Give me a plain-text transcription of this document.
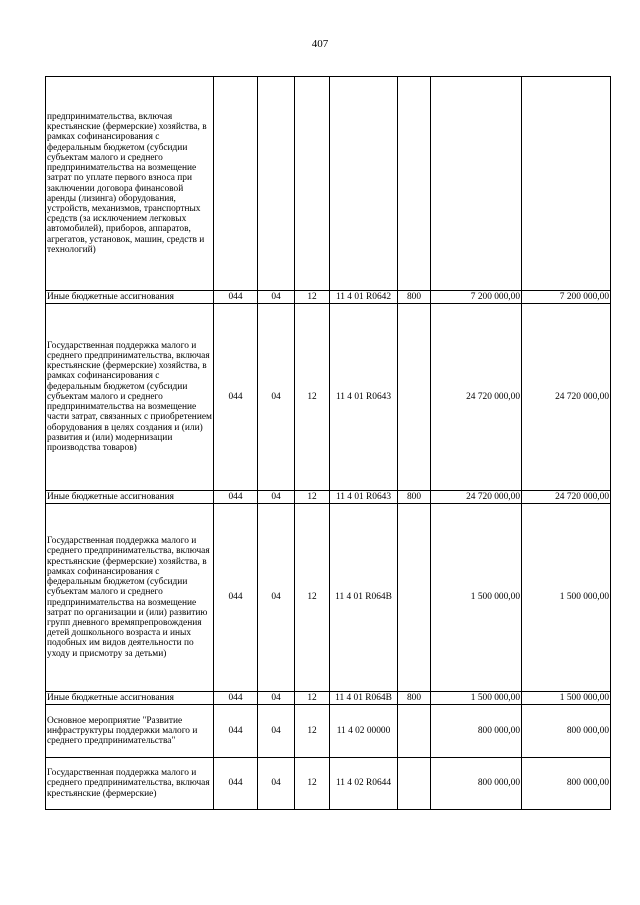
407
предпринимательства, включая крестьянские (фермерские) хозяйства, в рамках софинансирования с федеральным бюджетом (субсидии субъектам малого и среднего предпринимательства на возмещение затрат по уплате первого взноса при заключении договора финансовой аренды (лизинга) оборудования, устройств, механизмов, транспортных средств (за исключением легковых автомобилей), приборов, аппаратов, агрегатов, установок, машин, средств и технологий)							
Иные бюджетные ассигнования	044	04	12	11 4 01 R0642	800	7 200 000,00	7 200 000,00
Государственная поддержка малого и среднего предпринимательства, включая крестьянские (фермерские) хозяйства, в рамках софинансирования с федеральным бюджетом (субсидии субъектам малого и среднего предпринимательства на возмещение части затрат, связанных с приобретением оборудования в целях создания и (или) развития и (или) модернизации производства товаров)	044	04	12	11 4 01 R0643		24 720 000,00	24 720 000,00
Иные бюджетные ассигнования	044	04	12	11 4 01 R0643	800	24 720 000,00	24 720 000,00
Государственная поддержка малого и среднего предпринимательства, включая крестьянские (фермерские) хозяйства, в рамках софинансирования с федеральным бюджетом (субсидии субъектам малого и среднего предпринимательства на возмещение затрат по организации и (или) развитию групп дневного времяпрепровождения детей дошкольного возраста и иных подобных им видов деятельности по уходу и присмотру за детьми)	044	04	12	11 4 01 R064B		1 500 000,00	1 500 000,00
Иные бюджетные ассигнования	044	04	12	11 4 01 R064B	800	1 500 000,00	1 500 000,00
Основное мероприятие "Развитие инфраструктуры поддержки малого и среднего предпринимательства"	044	04	12	11 4 02 00000		800 000,00	800 000,00
Государственная поддержка малого и среднего предпринимательства, включая крестьянские (фермерские)	044	04	12	11 4 02 R0644		800 000,00	800 000,00
